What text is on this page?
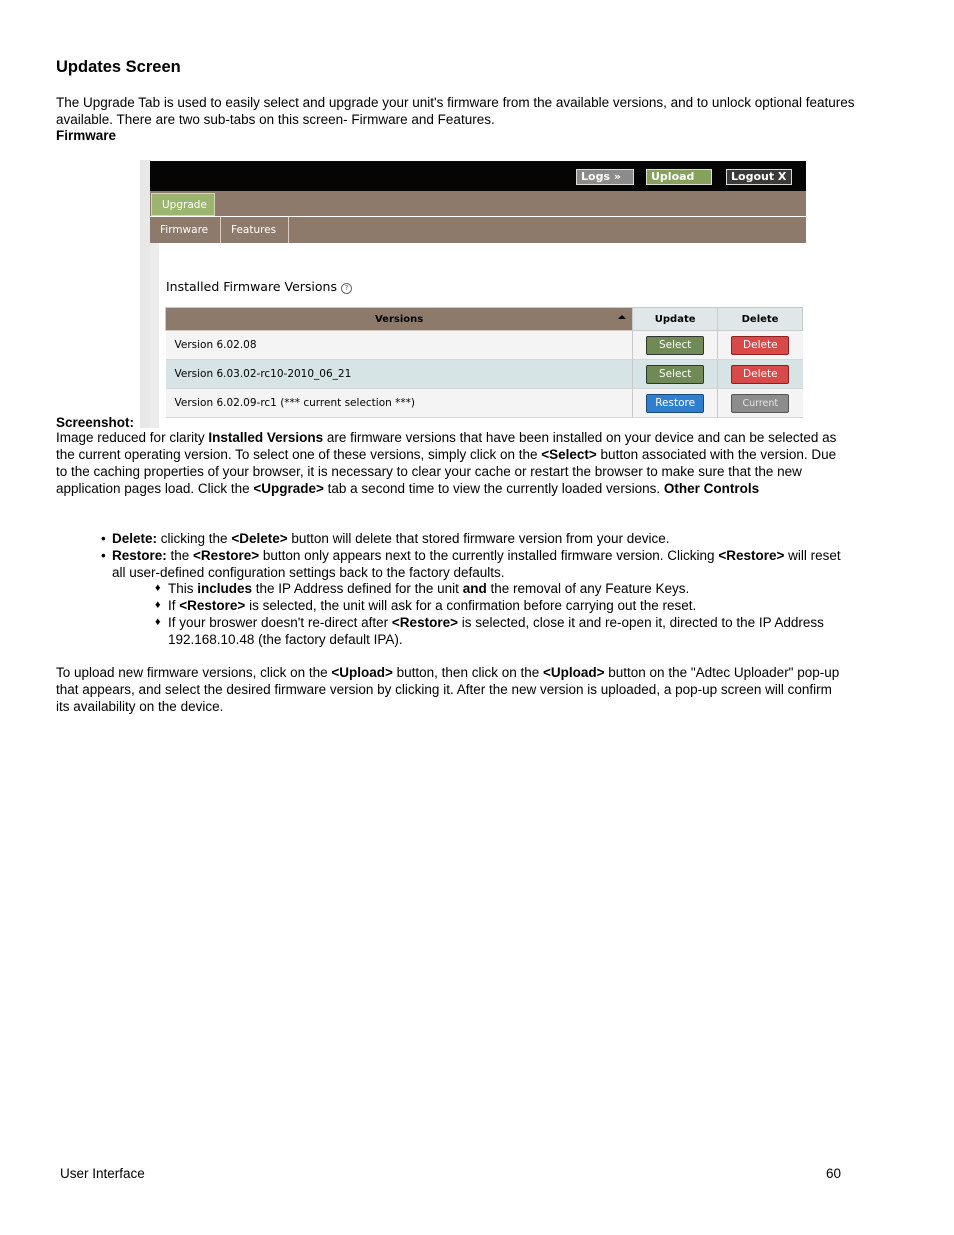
Updates Screen
The Upgrade Tab is used to easily select and upgrade your unit's firmware from the available versions, and to unlock optional features available. There are two sub-tabs on this screen- Firmware and Features.
Firmware
Logs »	Upload	Logout X
Upgrade
Firmware	Features
Installed Firmware Versions ?
Versions	Update	Delete
Version 6.02.08	Select	Delete
Version 6.03.02-rc10-2010_06_21	Select	Delete
Version 6.02.09-rc1 (*** current selection ***)	Restore	Current
Screenshot:
Image reduced for clarity Installed Versions are firmware versions that have been installed on your device and can be selected as the current operating version. To select one of these versions, simply click on the <Select> button associated with the version. Due to the caching properties of your browser, it is necessary to clear your cache or restart the browser to make sure that the new application pages load. Click the <Upgrade> tab a second time to view the currently loaded versions. Other Controls
• Delete: clicking the <Delete> button will delete that stored firmware version from your device.
• Restore: the <Restore> button only appears next to the currently installed firmware version. Clicking <Restore> will reset all user-defined configuration settings back to the factory defaults.
♦ This includes the IP Address defined for the unit and the removal of any Feature Keys.
♦ If <Restore> is selected, the unit will ask for a confirmation before carrying out the reset.
♦ If your broswer doesn't re-direct after <Restore> is selected, close it and re-open it, directed to the IP Address 192.168.10.48 (the factory default IPA).
To upload new firmware versions, click on the <Upload> button, then click on the <Upload> button on the "Adtec Uploader" pop-up that appears, and select the desired firmware version by clicking it. After the new version is uploaded, a pop-up screen will confirm its availability on the device.
User Interface	60
